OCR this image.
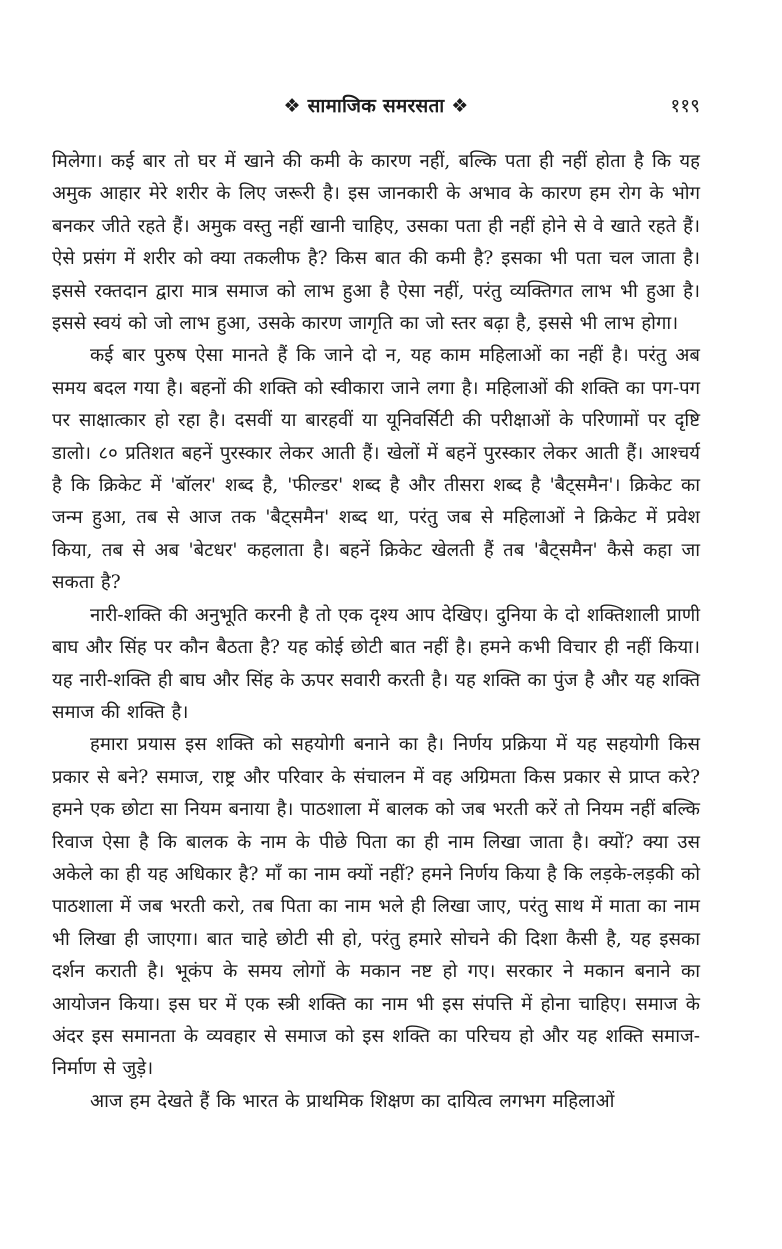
❖ सामाजिक समरसता ❖	११९

मिलेगा। कई बार तो घर में खाने की कमी के कारण नहीं, बल्कि पता ही नहीं होता है कि यह अमुक आहार मेरे शरीर के लिए जरूरी है। इस जानकारी के अभाव के कारण हम रोग के भोग बनकर जीते रहते हैं। अमुक वस्तु नहीं खानी चाहिए, उसका पता ही नहीं होने से वे खाते रहते हैं। ऐसे प्रसंग में शरीर को क्या तकलीफ है? किस बात की कमी है? इसका भी पता चल जाता है। इससे रक्तदान द्वारा मात्र समाज को लाभ हुआ है ऐसा नहीं, परंतु व्यक्तिगत लाभ भी हुआ है। इससे स्वयं को जो लाभ हुआ, उसके कारण जागृति का जो स्तर बढ़ा है, इससे भी लाभ होगा।

कई बार पुरुष ऐसा मानते हैं कि जाने दो न, यह काम महिलाओं का नहीं है। परंतु अब समय बदल गया है। बहनों की शक्ति को स्वीकारा जाने लगा है। महिलाओं की शक्ति का पग-पग पर साक्षात्कार हो रहा है। दसवीं या बारहवीं या यूनिवर्सिटी की परीक्षाओं के परिणामों पर दृष्टि डालो। ८० प्रतिशत बहनें पुरस्कार लेकर आती हैं। खेलों में बहनें पुरस्कार लेकर आती हैं। आश्चर्य है कि क्रिकेट में 'बॉलर' शब्द है, 'फील्डर' शब्द है और तीसरा शब्द है 'बैट्समैन'। क्रिकेट का जन्म हुआ, तब से आज तक 'बैट्समैन' शब्द था, परंतु जब से महिलाओं ने क्रिकेट में प्रवेश किया, तब से अब 'बेटधर' कहलाता है। बहनें क्रिकेट खेलती हैं तब 'बैट्समैन' कैसे कहा जा सकता है?

नारी-शक्ति की अनुभूति करनी है तो एक दृश्य आप देखिए। दुनिया के दो शक्तिशाली प्राणी बाघ और सिंह पर कौन बैठता है? यह कोई छोटी बात नहीं है। हमने कभी विचार ही नहीं किया। यह नारी-शक्ति ही बाघ और सिंह के ऊपर सवारी करती है। यह शक्ति का पुंज है और यह शक्ति समाज की शक्ति है।

हमारा प्रयास इस शक्ति को सहयोगी बनाने का है। निर्णय प्रक्रिया में यह सहयोगी किस प्रकार से बने? समाज, राष्ट्र और परिवार के संचालन में वह अग्रिमता किस प्रकार से प्राप्त करे? हमने एक छोटा सा नियम बनाया है। पाठशाला में बालक को जब भरती करें तो नियम नहीं बल्कि रिवाज ऐसा है कि बालक के नाम के पीछे पिता का ही नाम लिखा जाता है। क्यों? क्या उस अकेले का ही यह अधिकार है? माँ का नाम क्यों नहीं? हमने निर्णय किया है कि लड़के-लड़की को पाठशाला में जब भरती करो, तब पिता का नाम भले ही लिखा जाए, परंतु साथ में माता का नाम भी लिखा ही जाएगा। बात चाहे छोटी सी हो, परंतु हमारे सोचने की दिशा कैसी है, यह इसका दर्शन कराती है। भूकंप के समय लोगों के मकान नष्ट हो गए। सरकार ने मकान बनाने का आयोजन किया। इस घर में एक स्त्री शक्ति का नाम भी इस संपत्ति में होना चाहिए। समाज के अंदर इस समानता के व्यवहार से समाज को इस शक्ति का परिचय हो और यह शक्ति समाज-निर्माण से जुड़े।

आज हम देखते हैं कि भारत के प्राथमिक शिक्षण का दायित्व लगभग महिलाओं
